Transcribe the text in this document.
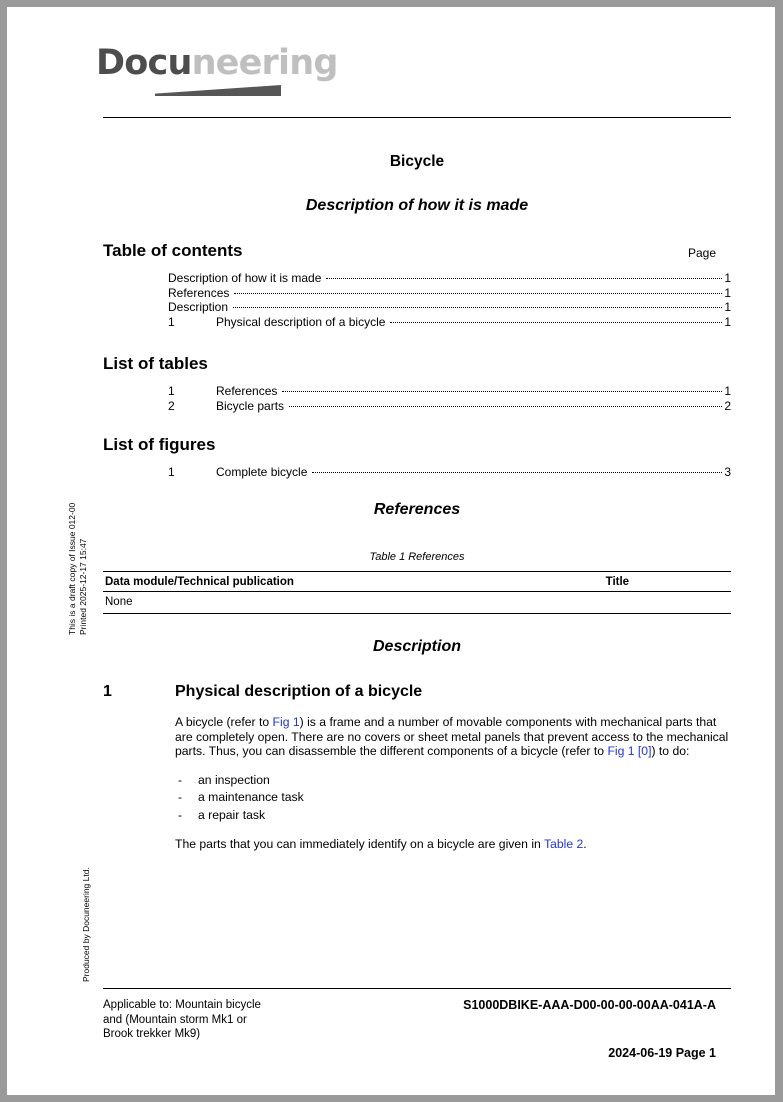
This is a draft copy of Issue 012-00 Printed 2025-12-17 15:47
Produced by Docuneering Ltd.
Docuneering
Bicycle
Description of how it is made
Table of contents	Page
Description of how it is made	1
References	1
Description	1
1	Physical description of a bicycle	1
List of tables
1	References	1
2	Bicycle parts	2
List of figures
1	Complete bicycle	3
References
Table 1 References
Data module/Technical publication	Title
None	
Description
1	Physical description of a bicycle

A bicycle (refer to Fig 1) is a frame and a number of movable components with mechanical parts that are completely open. There are no covers or sheet metal panels that prevent access to the mechanical parts. Thus, you can disassemble the different components of a bicycle (refer to Fig 1 [0]) to do:

- an inspection
- a maintenance task
- a repair task

The parts that you can immediately identify on a bicycle are given in Table 2.

Applicable to: Mountain bicycle
and (Mountain storm Mk1 or
Brook trekker Mk9)
S1000DBIKE-AAA-D00-00-00-00AA-041A-A
2024-06-19 Page 1
